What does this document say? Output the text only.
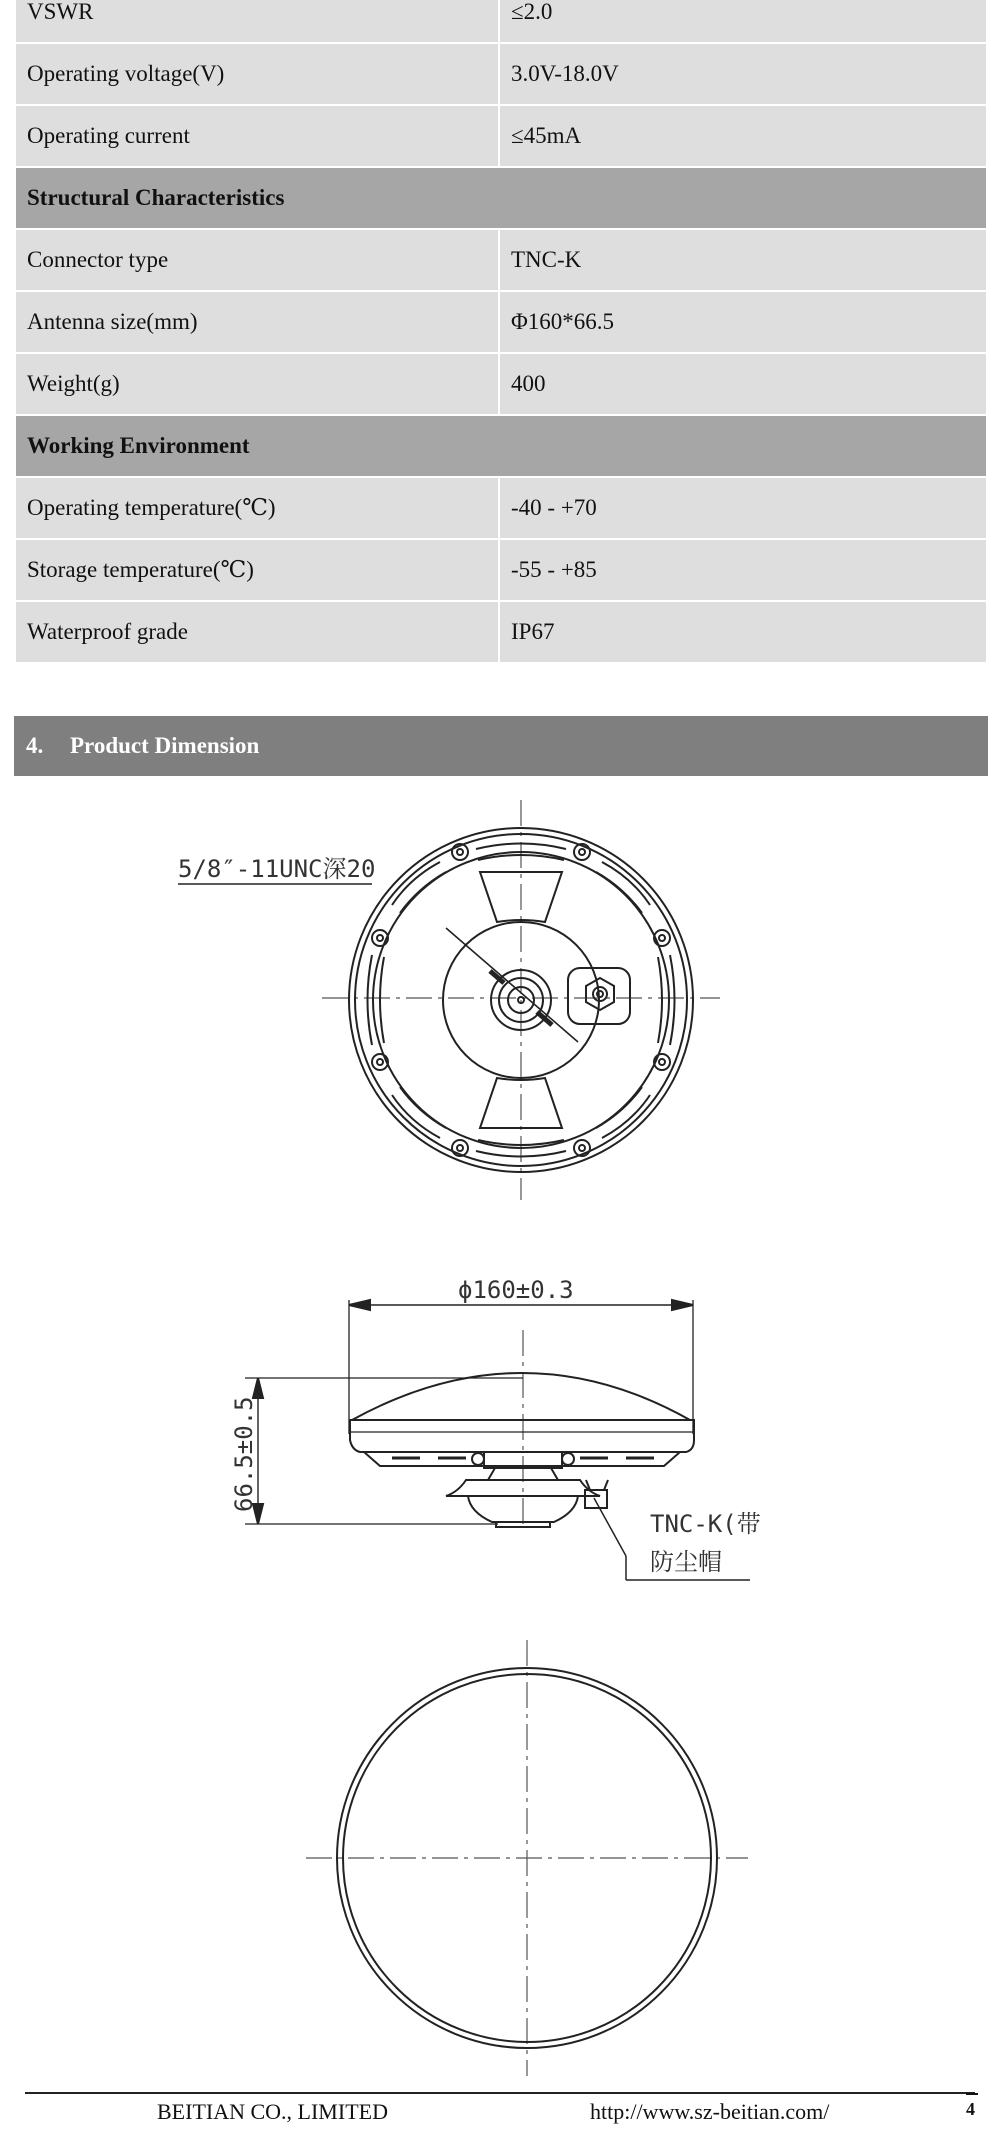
VSWR	≤2.0
Operating voltage(V)	3.0V-18.0V
Operating current	≤45mA
Structural Characteristics	
Connector type	TNC-K
Antenna size(mm)	Φ160*66.5
Weight(g)	400
Working Environment	
Operating temperature(℃)	-40 - +70
Storage temperature(℃)	-55 - +85
Waterproof grade	IP67
4.	Product Dimension
5/8″-11UNC深20
ϕ160±0.3
66.5±0.5
TNC-K(带
防尘帽
BEITIAN CO., LIMITED	http://www.sz-beitian.com/	4
